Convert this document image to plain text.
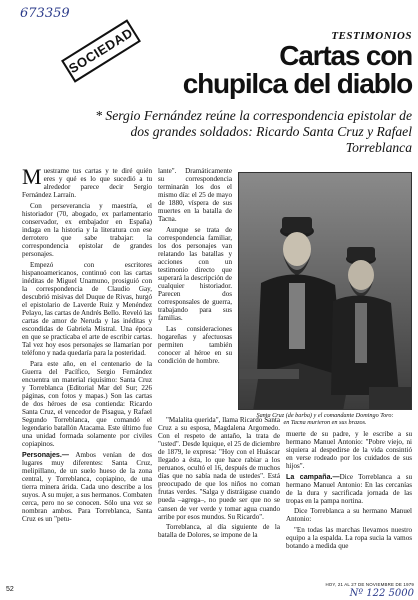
673359
SOCIEDAD	TESTIMONIOS
Cartas con
chupilca del diablo
* Sergio Fernández reúne la correspondencia epistolar de dos grandes soldados: Ricardo Santa Cruz y Rafael Torreblanca

M uestrame tus cartas y te diré quién eres y qué es lo que sucedió a tu alrededor parece decir Sergio Fernández Larraín.

Con perseverancia y maestría, el historiador (70, abogado, ex parlamentario conservador, ex embajador en España) indaga en la historia y la literatura con ese derrotero que sabe trabajar: la correspondencia epistolar de grandes personajes.

Empezó con escritores hispanoamericanos, continuó con las cartas inéditas de Miguel Unamuno, prosiguió con la correspondencia de Claudio Gay, descubrió misivas del Duque de Rivas, hurgó el epistolario de Laverde Ruiz y Menéndez Pelayo, las cartas de Andrés Bello. Reveló las cartas de amor de Neruda y las inéditas y escondidas de Gabriela Mistral. Una época en que se practicaba el arte de escribir cartas. Tal vez hoy esos personajes se llamarían por teléfono y nada quedaría para la posteridad.

Para este año, en el centenario de la Guerra del Pacífico, Sergio Fernández encuentra un material riquísimo: Santa Cruz y Torreblanca (Editorial Mar del Sur; 226 páginas, con fotos y mapas.) Son las cartas de dos héroes de esa contienda: Ricardo Santa Cruz, el vencedor de Pisagua, y Rafael Segundo Torreblanca, que comandó el legendario batallón Atacama. Este último fue una unidad formada solamente por civiles copiapinos.

Personajes.— Ambos venían de dos lugares muy diferentes: Santa Cruz, melipillano, de un suelo hueso de la zona central, y Torreblanca, copiapino, de una tierra minera árida. Cada uno describe a los suyos. A su mujer, a sus hermanos. Combaten cerca, pero no se conocen. Sólo una vez se nombran ambos. Para Torreblanca, Santa Cruz es un "petu-

lante". Dramáticamente su correspondencia terminarán los dos el mismo día: el 25 de mayo de 1880, víspera de sus muertes en la batalla de Tacna.

Aunque se trata de correspondencia familiar, los dos personajes van relatando las batallas y acciones con un testimonio directo que superará la descripción de cualquier historiador. Parecen dos corresponsales de guerra, trabajando para sus familias.

Las consideraciones hogareñas y afectuosas permiten también conocer al héroe en su condición de hombre.

"Malalita querida", llama Ricardo Santa Cruz a su esposa, Magdalena Argomedo. Con el respeto de antaño, la trata de "usted". Desde Iquique, el 25 de diciembre de 1879, le expresa: "Hoy con el Huáscar llegado a ésta, lo que hace rabiar a los peruanos, ocultó el 16, después de muchos días que no sabía nada de ustedes". Está preocupado de que los niños no coman frutas verdes. "Salga y distráigase cuando pueda –agrega–, no puede ser que no se cansen de ver verde y tomar agua cuando arribe por esos mundos. Su Ricardo".

Torreblanca, al día siguiente de la batalla de Dolores, se impone de la

Santa Cruz (de barba) y el comandante Domingo Toro:
en Tacna murieron en sus brazos.

muerte de su padre, y le escribe a su hermano Manuel Antonio: "Pobre viejo, ni siquiera al despedirse de la vida consintió en verse rodeado por los cuidados de sus hijos".

La campaña.—Dice Torreblanca a su hermano Manuel Antonio: En las cercanías de la dura y sacrificada jornada de las tropas en la pampa nortina.

Dice Torreblanca a su hermano Manuel Antonio:

"En todas las marchas llevamos nuestro equipo a la espalda. La ropa sucia la vamos botando a medida que

52
HOY, 21 AL 27 DE NOVIEMBRE DE 1979
Nº 122 5000
